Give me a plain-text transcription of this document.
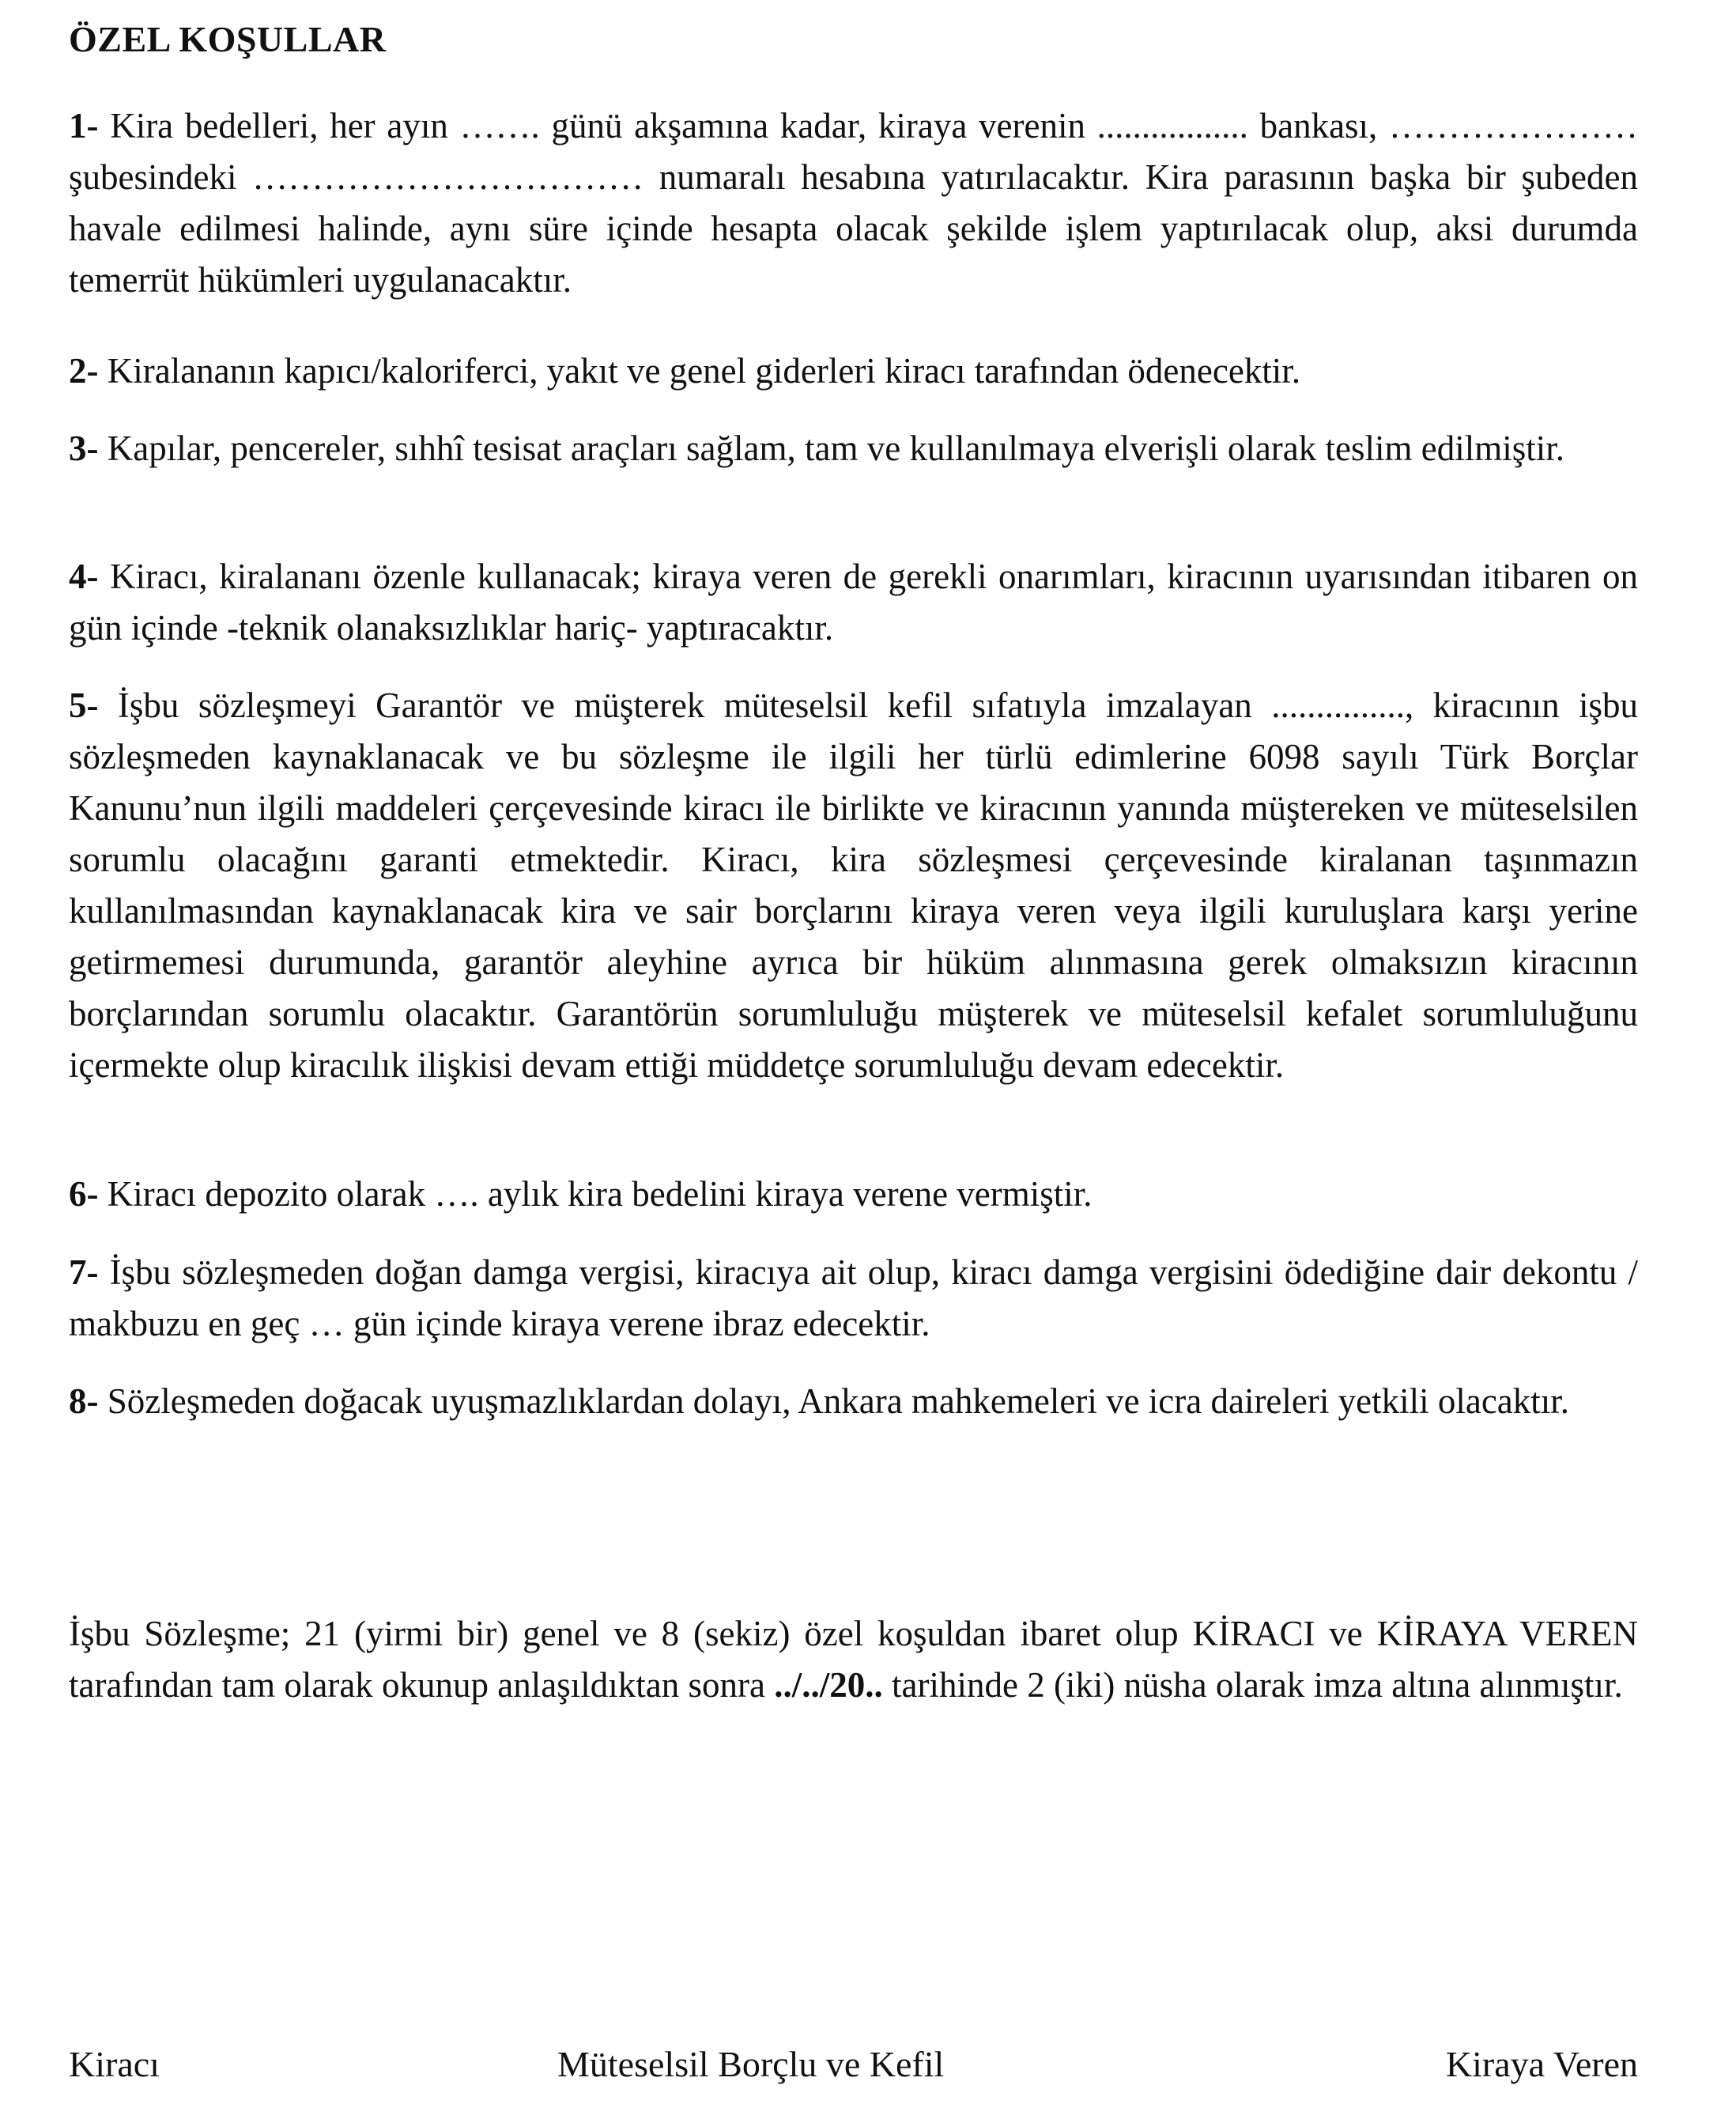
ÖZEL KOŞULLAR

1- Kira bedelleri, her ayın ……. günü akşamına kadar, kiraya verenin ................. bankası, ………………… şubesindeki …………………………… numaralı hesabına yatırılacaktır. Kira parasının başka bir şubeden havale edilmesi halinde, aynı süre içinde hesapta olacak şekilde işlem yaptırılacak olup, aksi durumda temerrüt hükümleri uygulanacaktır.

2- Kiralananın kapıcı/kaloriferci, yakıt ve genel giderleri kiracı tarafından ödenecektir.

3- Kapılar, pencereler, sıhhî tesisat araçları sağlam, tam ve kullanılmaya elverişli olarak teslim edilmiştir.

4- Kiracı, kiralananı özenle kullanacak; kiraya veren de gerekli onarımları, kiracının uyarısından itibaren on gün içinde -teknik olanaksızlıklar hariç- yaptıracaktır.

5- İşbu sözleşmeyi Garantör ve müşterek müteselsil kefil sıfatıyla imzalayan ..............., kiracının işbu sözleşmeden kaynaklanacak ve bu sözleşme ile ilgili her türlü edimlerine 6098 sayılı Türk Borçlar Kanunu’nun ilgili maddeleri çerçevesinde kiracı ile birlikte ve kiracının yanında müştereken ve müteselsilen sorumlu olacağını garanti etmektedir. Kiracı, kira sözleşmesi çerçevesinde kiralanan taşınmazın kullanılmasından kaynaklanacak kira ve sair borçlarını kiraya veren veya ilgili kuruluşlara karşı yerine getirmemesi durumunda, garantör aleyhine ayrıca bir hüküm alınmasına gerek olmaksızın kiracının borçlarından sorumlu olacaktır. Garantörün sorumluluğu müşterek ve müteselsil kefalet sorumluluğunu içermekte olup kiracılık ilişkisi devam ettiği müddetçe sorumluluğu devam edecektir.

6- Kiracı depozito olarak …. aylık kira bedelini kiraya verene vermiştir.

7- İşbu sözleşmeden doğan damga vergisi, kiracıya ait olup, kiracı damga vergisini ödediğine dair dekontu / makbuzu en geç … gün içinde kiraya verene ibraz edecektir.

8- Sözleşmeden doğacak uyuşmazlıklardan dolayı, Ankara mahkemeleri ve icra daireleri yetkili olacaktır.

İşbu Sözleşme; 21 (yirmi bir) genel ve 8 (sekiz) özel koşuldan ibaret olup KİRACI ve KİRAYA VEREN tarafından tam olarak okunup anlaşıldıktan sonra ../../20.. tarihinde 2 (iki) nüsha olarak imza altına alınmıştır.

Kiracı	Müteselsil Borçlu ve Kefil	Kiraya Veren
